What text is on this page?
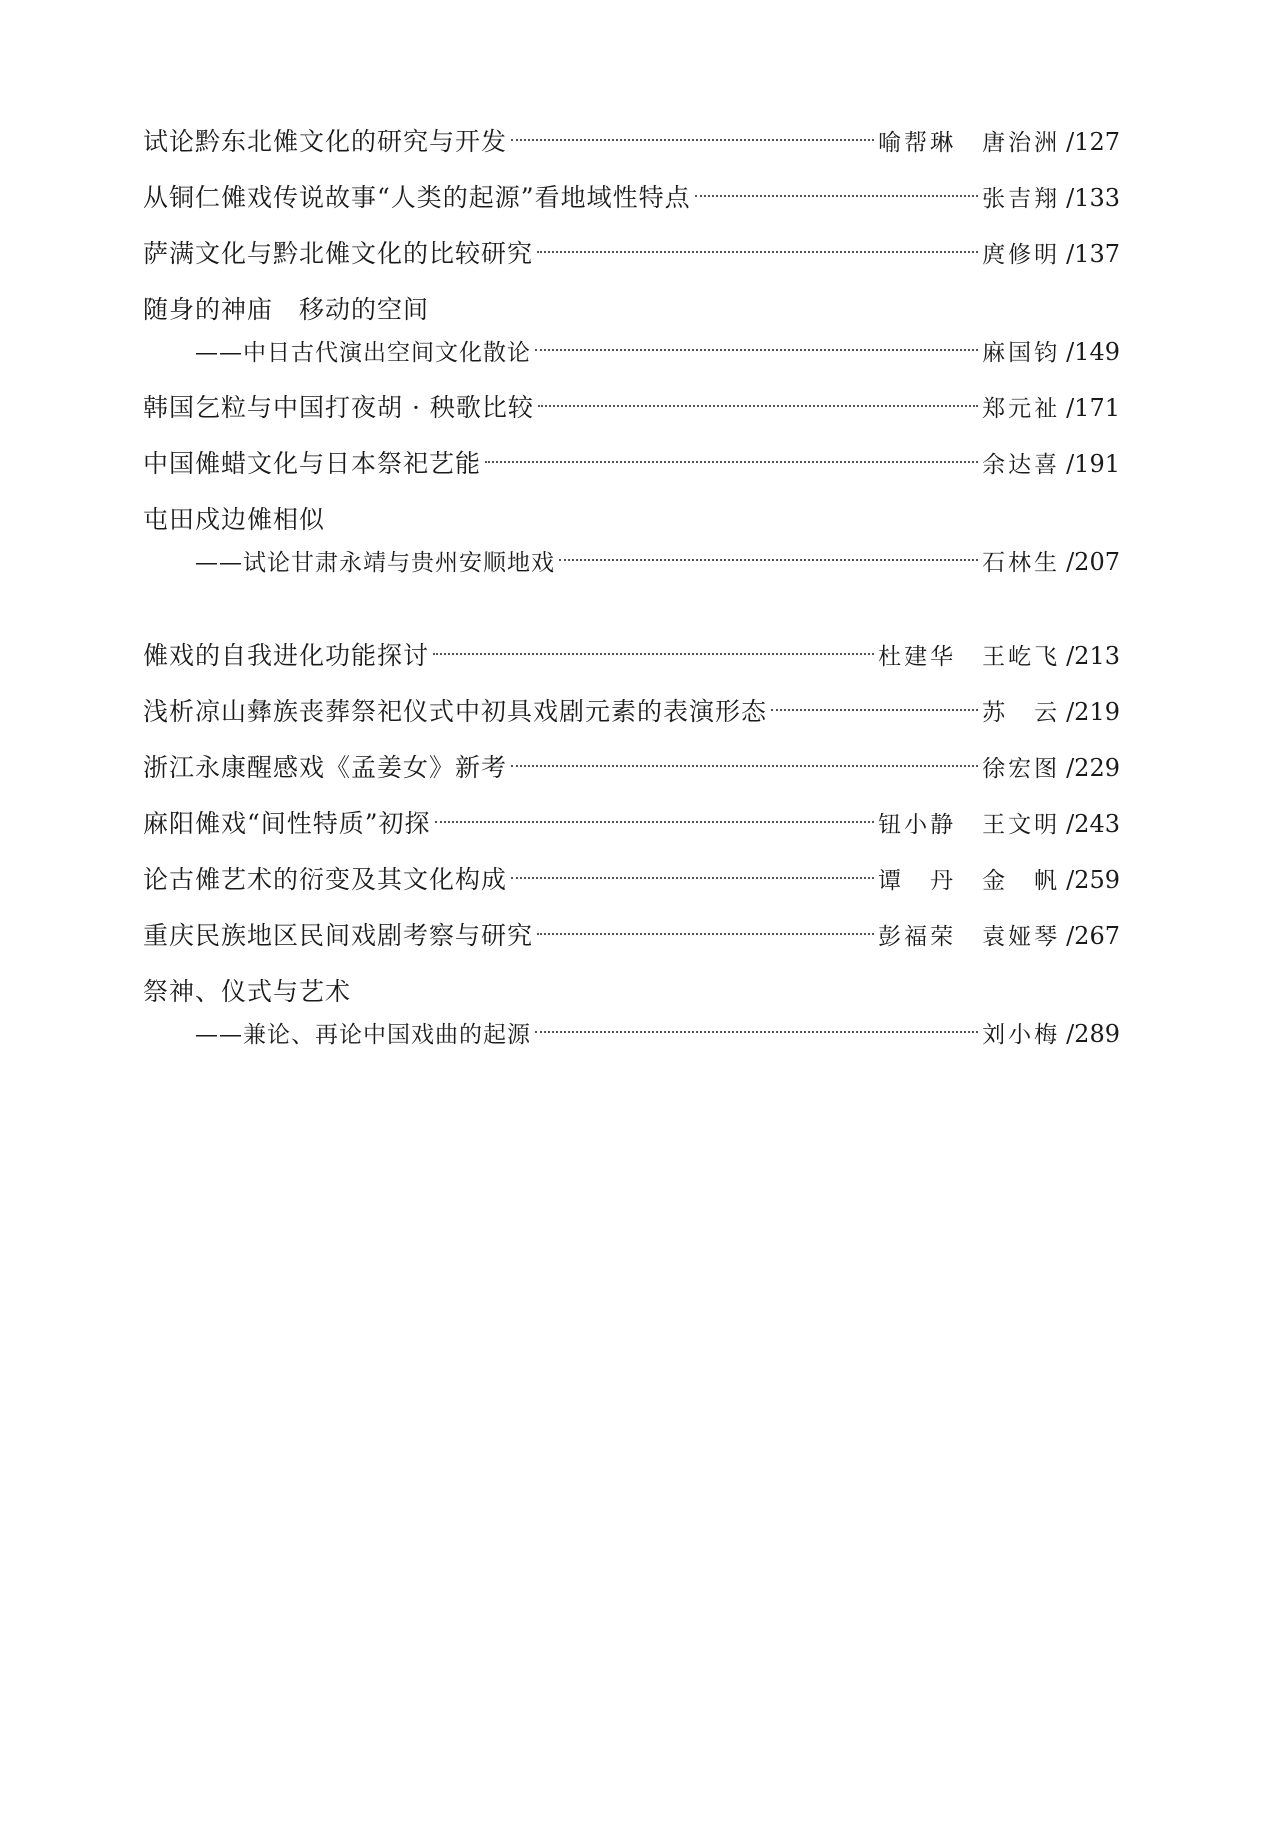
试论黔东北傩文化的研究与开发	喻帮琳　唐治洲 /127
从铜仁傩戏传说故事“人类的起源”看地域性特点	张吉翔 /133
萨满文化与黔北傩文化的比较研究	庹修明 /137
随身的神庙　移动的空间
——中日古代演出空间文化散论	麻国钧 /149
韩国乞粒与中国打夜胡 · 秧歌比较	郑元祉 /171
中国傩蜡文化与日本祭祀艺能	余达喜 /191
屯田戍边傩相似
——试论甘肃永靖与贵州安顺地戏	石林生 /207
傩戏的自我进化功能探讨	杜建华　王屹飞 /213
浅析凉山彝族丧葬祭祀仪式中初具戏剧元素的表演形态	苏　云 /219
浙江永康醒感戏《孟姜女》新考	徐宏图 /229
麻阳傩戏“间性特质”初探	钮小静　王文明 /243
论古傩艺术的衍变及其文化构成	谭　丹　金　帆 /259
重庆民族地区民间戏剧考察与研究	彭福荣　袁娅琴 /267
祭神、仪式与艺术
——兼论、再论中国戏曲的起源	刘小梅 /289
